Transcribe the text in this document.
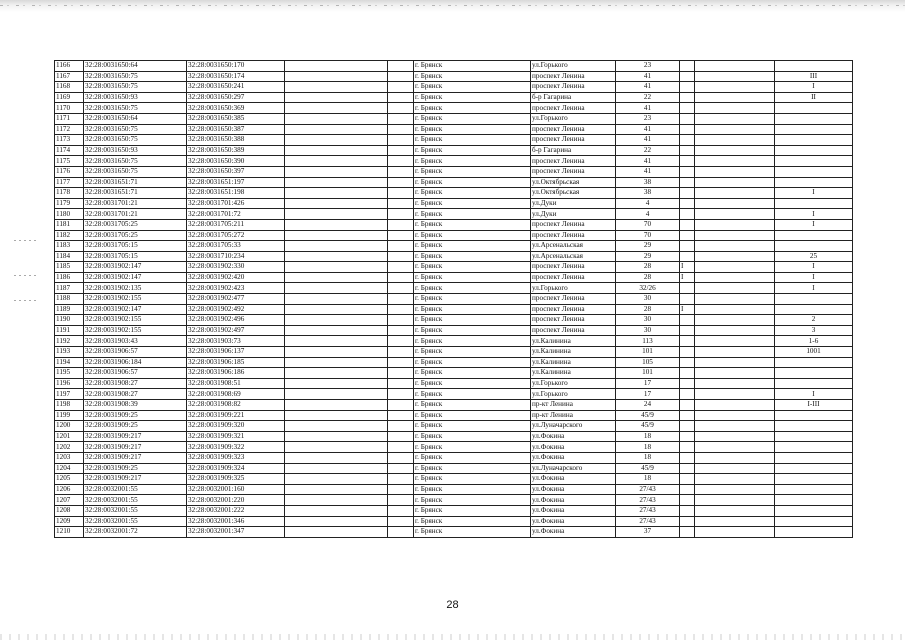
1166	32:28:0031650:64	32:28:0031650:170			г. Брянск	ул.Горького	23			
1167	32:28:0031650:75	32:28:0031650:174			г. Брянск	проспект Ленина	41			III
1168	32:28:0031650:75	32:28:0031650:241			г. Брянск	проспект Ленина	41			I
1169	32:28:0031650:93	32:28:0031650:297			г. Брянск	б-р Гагарина	22			II
1170	32:28:0031650:75	32:28:0031650:369			г. Брянск	проспект Ленина	41			
1171	32:28:0031650:64	32:28:0031650:385			г. Брянск	ул.Горького	23			
1172	32:28:0031650:75	32:28:0031650:387			г. Брянск	проспект Ленина	41			
1173	32:28:0031650:75	32:28:0031650:388			г. Брянск	проспект Ленина	41			
1174	32:28:0031650:93	32:28:0031650:389			г. Брянск	б-р Гагарина	22			
1175	32:28:0031650:75	32:28:0031650:390			г. Брянск	проспект Ленина	41			
1176	32:28:0031650:75	32:28:0031650:397			г. Брянск	проспект Ленина	41			
1177	32:28:0031651:71	32:28:0031651:197			г. Брянск	ул.Октябрьская	38			
1178	32:28:0031651:71	32:28:0031651:198			г. Брянск	ул.Октябрьская	38			I
1179	32:28:0031701:21	32:28:0031701:426			г. Брянск	ул.Дуки	4			
1180	32:28:0031701:21	32:28:0031701:72			г. Брянск	ул.Дуки	4			I
1181	32:28:0031705:25	32:28:0031705:211			г. Брянск	проспект Ленина	70			I
1182	32:28:0031705:25	32:28:0031705:272			г. Брянск	проспект Ленина	70			
1183	32:28:0031705:15	32:28:0031705:33			г. Брянск	ул.Арсенальская	29			
1184	32:28:0031705:15	32:28:0031710:234			г. Брянск	ул.Арсенальская	29			25
1185	32:28:0031902:147	32:28:0031902:330			г. Брянск	проспект Ленина	28	I		I
1186	32:28:0031902:147	32:28:0031902:420			г. Брянск	проспект Ленина	28	I		I
1187	32:28:0031902:135	32:28:0031902:423			г. Брянск	ул.Горького	32/26			I
1188	32:28:0031902:155	32:28:0031902:477			г. Брянск	проспект Ленина	30			
1189	32:28:0031902:147	32:28:0031902:492			г. Брянск	проспект Ленина	28	I		
1190	32:28:0031902:155	32:28:0031902:496			г. Брянск	проспект Ленина	30			2
1191	32:28:0031902:155	32:28:0031902:497			г. Брянск	проспект Ленина	30			3
1192	32:28:0031903:43	32:28:0031903:73			г. Брянск	ул.Калинина	113			1-6
1193	32:28:0031906:57	32:28:0031906:137			г. Брянск	ул.Калинина	101			1001
1194	32:28:0031906:184	32:28:0031906:185			г. Брянск	ул.Калинина	105			
1195	32:28:0031906:57	32:28:0031906:186			г. Брянск	ул.Калинина	101			
1196	32:28:0031908:27	32:28:0031908:51			г. Брянск	ул.Горького	17			
1197	32:28:0031908:27	32:28:0031908:69			г. Брянск	ул.Горького	17			I
1198	32:28:0031908:39	32:28:0031908:82			г. Брянск	пр-кт Ленина	24			I-III
1199	32:28:0031909:25	32:28:0031909:221			г. Брянск	пр-кт Ленина	45/9			
1200	32:28:0031909:25	32:28:0031909:320			г. Брянск	ул.Луначарского	45/9			
1201	32:28:0031909:217	32:28:0031909:321			г. Брянск	ул.Фокина	18			
1202	32:28:0031909:217	32:28:0031909:322			г. Брянск	ул.Фокина	18			
1203	32:28:0031909:217	32:28:0031909:323			г. Брянск	ул.Фокина	18			
1204	32:28:0031909:25	32:28:0031909:324			г. Брянск	ул.Луначарского	45/9			
1205	32:28:0031909:217	32:28:0031909:325			г. Брянск	ул.Фокина	18			
1206	32:28:0032001:55	32:28:0032001:160			г. Брянск	ул.Фокина	27/43			
1207	32:28:0032001:55	32:28:0032001:220			г. Брянск	ул.Фокина	27/43			
1208	32:28:0032001:55	32:28:0032001:222			г. Брянск	ул.Фокина	27/43			
1209	32:28:0032001:55	32:28:0032001:346			г. Брянск	ул.Фокина	27/43			
1210	32:28:0032001:72	32:28:0032001:347			г. Брянск	ул.Фокина	37			
28
